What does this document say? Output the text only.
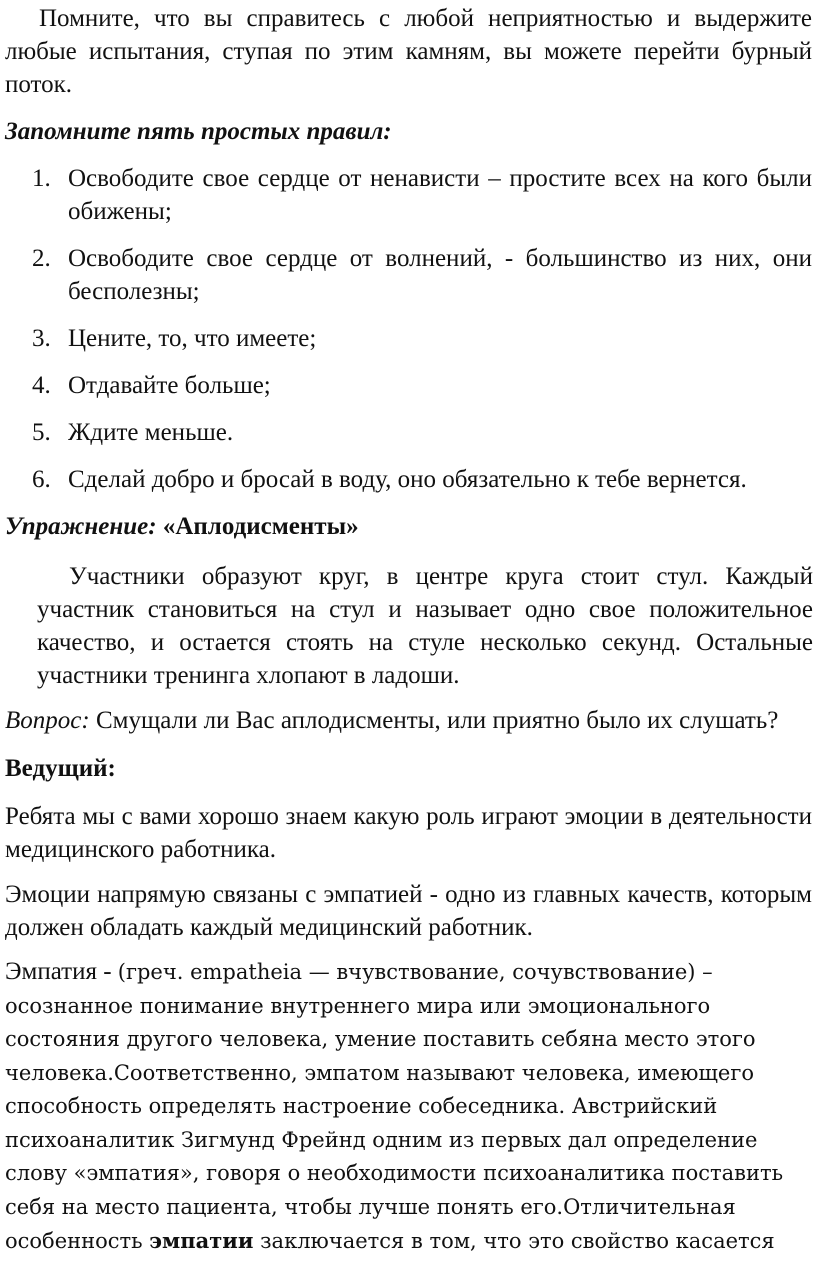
Помните, что вы справитесь с любой неприятностью и выдержите любые испытания, ступая по этим камням, вы можете перейти бурный поток.

Запомните пять простых правил:

1. Освободите свое сердце от ненависти – простите всех на кого были обижены;
2. Освободите свое сердце от волнений, - большинство из них, они бесполезны;
3. Цените, то, что имеете;
4. Отдавайте больше;
5. Ждите меньше.
6. Сделай добро и бросай в воду, оно обязательно к тебе вернется.

Упражнение: «Аплодисменты»

Участники образуют круг, в центре круга стоит стул. Каждый участник становиться на стул и называет одно свое положительное качество, и остается стоять на стуле несколько секунд. Остальные участники тренинга хлопают в ладоши.

Вопрос: Смущали ли Вас аплодисменты, или приятно было их слушать?

Ведущий:

Ребята мы с вами хорошо знаем какую роль играют эмоции в деятельности медицинского работника.

Эмоции напрямую связаны с эмпатией - одно из главных качеств, которым должен обладать каждый медицинский работник.

Эмпатия - (греч. empatheia — вчувствование, сочувствование) – осознанное понимание внутреннего мира или эмоционального состояния другого человека, умение поставить себяна место этого человека.Соответственно, эмпатом называют человека, имеющего способность определять настроение собеседника. Австрийский психоаналитик Зигмунд Фрейнд одним из первых дал определение слову «эмпатия», говоря о необходимости психоаналитика поставить себя на место пациента, чтобы лучше понять его.Отличительная особенность эмпатии заключается в том, что это свойство касается
